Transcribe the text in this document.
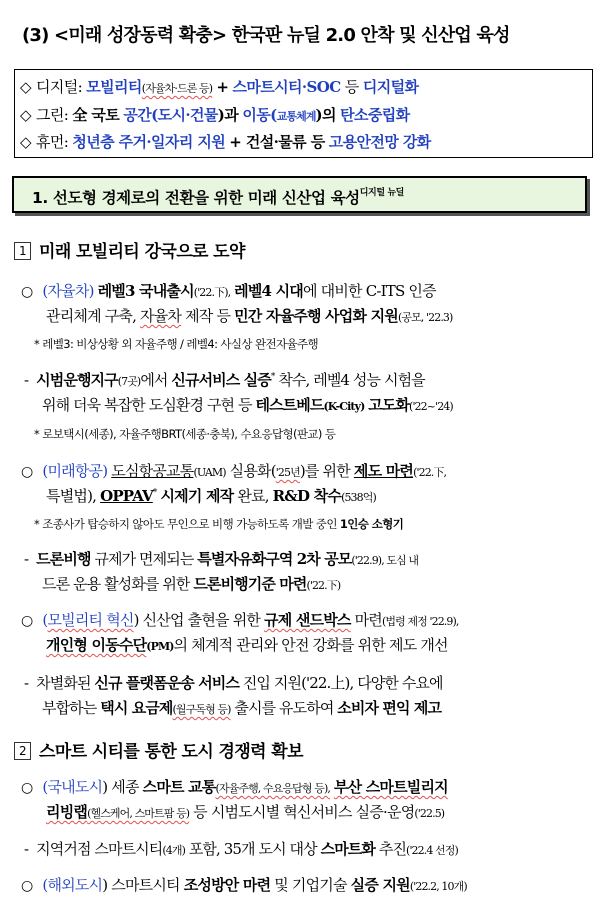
(3) <미래 성장동력 확충> 한국판 뉴딜 2.0 안착 및 신산업 육성
◇ 디지털: 모빌리티(자율차·드론 등) + 스마트시티·SOC 등 디지털화
◇ 그린: 全 국토 공간(도시·건물)과 이동(교통체계)의 탄소중립화
◇ 휴먼: 청년층 주거·일자리 지원 + 건설·물류 등 고용안전망 강화
1. 선도형 경제로의 전환을 위한 미래 신산업 육성$^{디지털 뉴딜}$
1 미래 모빌리티 강국으로 도약
○ (자율차) 레벨3 국내출시('22.下), 레벨4 시대에 대비한 C-ITS 인증
관리체계 구축, 자율차 제작 등 민간 자율주행 사업화 지원(공모, '22.3)
* 레벨3: 비상상황 외 자율주행 / 레벨4: 사실상 완전자율주행
- 시범운행지구(7곳)에서 신규서비스 실증* 착수, 레벨4 성능 시험을
위해 더욱 복잡한 도심환경 구현 등 테스트베드(K-City) 고도화('22~'24)
* 로보택시(세종), 자율주행BRT(세종·충북), 수요응답형(판교) 등
○ (미래항공) 도심항공교통(UAM) 실용화('25년)를 위한 제도 마련('22.下,
특별법), OPPAV* 시제기 제작 완료, R&D 착수(538억)
* 조종사가 탑승하지 않아도 무인으로 비행 가능하도록 개발 중인 1인승 소형기
- 드론비행 규제가 면제되는 특별자유화구역 2차 공모('22.9), 도심 내
드론 운용 활성화를 위한 드론비행기준 마련('22.下)
○ (모빌리티 혁신) 신산업 출현을 위한 규제 샌드박스 마련(법령 제정 '22.9),
개인형 이동수단(PM)의 체계적 관리와 안전 강화를 위한 제도 개선
- 차별화된 신규 플랫폼운송 서비스 진입 지원('22.上), 다양한 수요에
부합하는 택시 요금제(월구독형 등) 출시를 유도하여 소비자 편익 제고
2 스마트 시티를 통한 도시 경쟁력 확보
○ (국내도시) 세종 스마트 교통(자율주행, 수요응답형 등), 부산 스마트빌리지
리빙랩(헬스케어, 스마트팜 등) 등 시범도시별 혁신서비스 실증·운영('22.5)
- 지역거점 스마트시티(4개) 포함, 35개 도시 대상 스마트화 추진('22.4 선정)
○ (해외도시) 스마트시티 조성방안 마련 및 기업기술 실증 지원('22.2, 10개)
